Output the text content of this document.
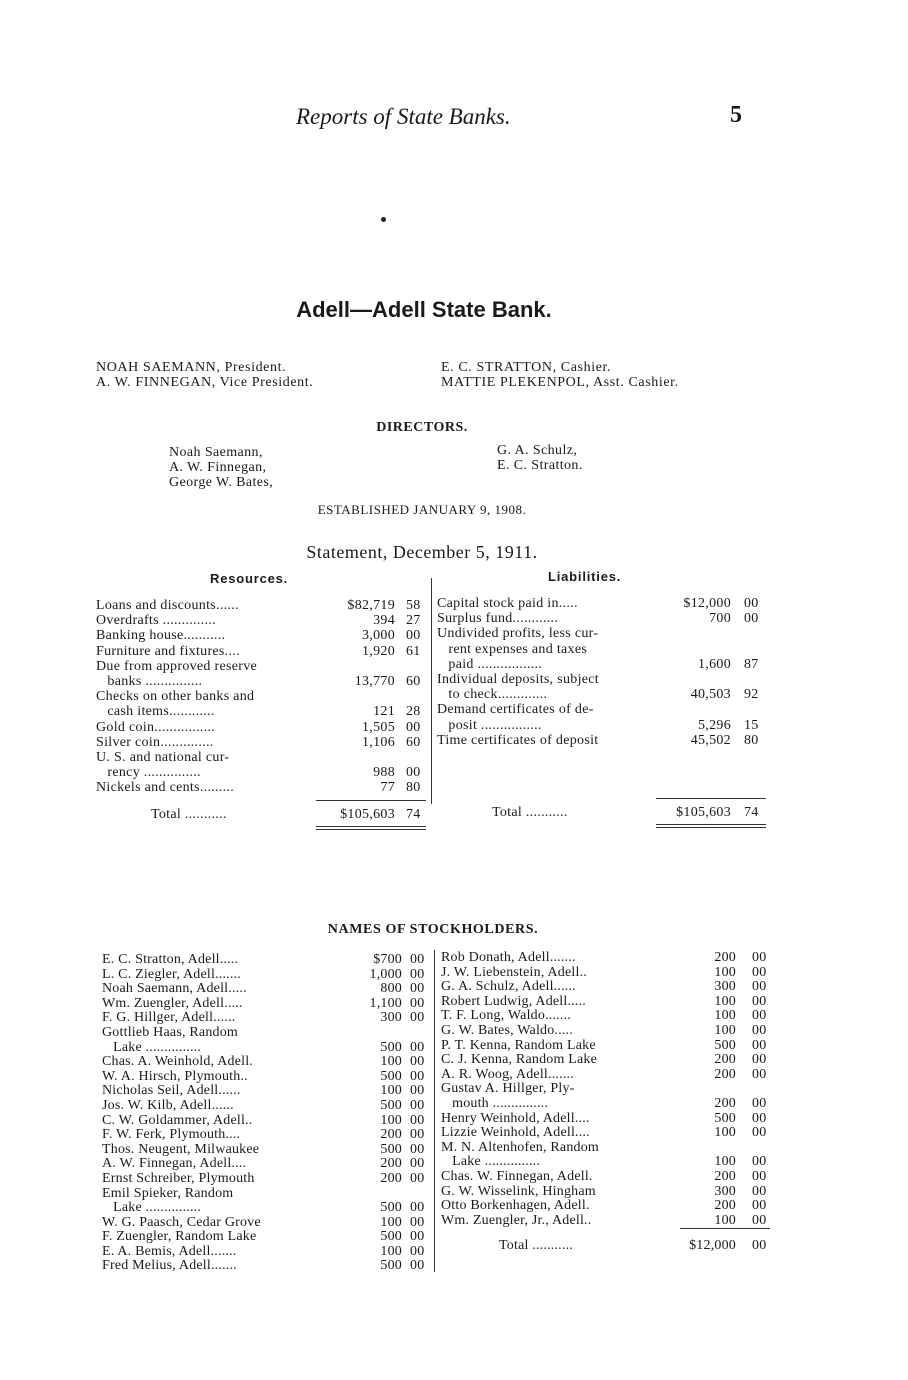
Reports of State Banks.	5
Adell—Adell State Bank.
NOAH SAEMANN, President.
A. W. FINNEGAN, Vice President.
E. C. STRATTON, Cashier.
MATTIE PLEKENPOL, Asst. Cashier.
DIRECTORS.
Noah Saemann,
A. W. Finnegan,
George W. Bates,
G. A. Schulz,
E. C. Stratton.
ESTABLISHED JANUARY 9, 1908.
Statement, December 5, 1911.
Resources.	Liabilities.
Loans and discounts......	$82,719 58
Overdrafts ..............	394 27
Banking house...........	3,000 00
Furniture and fixtures....	1,920 61
Due from approved reserve
banks ...............	13,770 60
Checks on other banks and
cash items............	121 28
Gold coin................	1,505 00
Silver coin..............	1,106 60
U. S. and national cur-
rency ...............	988 00
Nickels and cents.........	77 80
Total ...........	$105,603 74
Capital stock paid in.....	$12,000 00
Surplus fund............	700 00
Undivided profits, less cur-
rent expenses and taxes
paid .................	1,600 87
Individual deposits, subject
to check.............	40,503 92
Demand certificates of de-
posit ................	5,296 15
Time certificates of deposit	45,502 80
Total ...........	$105,603 74
NAMES OF STOCKHOLDERS.
E. C. Stratton, Adell.....	$700 00
L. C. Ziegler, Adell.......	1,000 00
Noah Saemann, Adell.....	800 00
Wm. Zuengler, Adell.....	1,100 00
F. G. Hillger, Adell......	300 00
Gottlieb Haas, Random
Lake ...............	500 00
Chas. A. Weinhold, Adell.	100 00
W. A. Hirsch, Plymouth..	500 00
Nicholas Seil, Adell......	100 00
Jos. W. Kilb, Adell......	500 00
C. W. Goldammer, Adell..	100 00
F. W. Ferk, Plymouth....	200 00
Thos. Neugent, Milwaukee	500 00
A. W. Finnegan, Adell....	200 00
Ernst Schreiber, Plymouth	200 00
Emil Spieker, Random
Lake ...............	500 00
W. G. Paasch, Cedar Grove	100 00
F. Zuengler, Random Lake	500 00
E. A. Bemis, Adell.......	100 00
Fred Melius, Adell.......	500 00
Rob Donath, Adell.......	200 00
J. W. Liebenstein, Adell..	100 00
G. A. Schulz, Adell......	300 00
Robert Ludwig, Adell.....	100 00
T. F. Long, Waldo.......	100 00
G. W. Bates, Waldo.....	100 00
P. T. Kenna, Random Lake	500 00
C. J. Kenna, Random Lake	200 00
A. R. Woog, Adell.......	200 00
Gustav A. Hillger, Ply-
mouth ...............	200 00
Henry Weinhold, Adell....	500 00
Lizzie Weinhold, Adell....	100 00
M. N. Altenhofen, Random
Lake ...............	100 00
Chas. W. Finnegan, Adell.	200 00
G. W. Wisselink, Hingham	300 00
Otto Borkenhagen, Adell.	200 00
Wm. Zuengler, Jr., Adell..	100 00
Total ...........	$12,000 00
